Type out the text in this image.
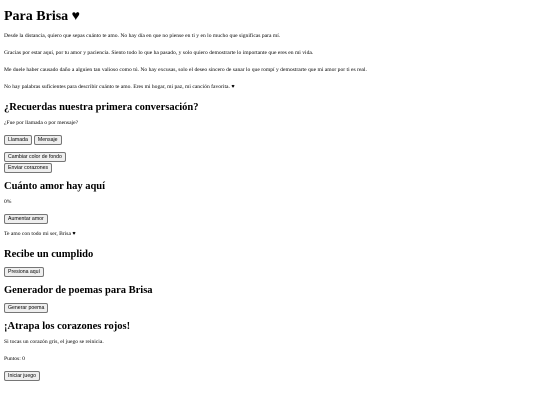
Para Brisa ♥

Desde la distancia, quiero que sepas cuánto te amo. No hay día en que no piense en ti y en lo mucho que significas para mí.

Gracias por estar aquí, por tu amor y paciencia. Siento todo lo que ha pasado, y solo quiero demostrarte lo importante que eres en mi vida.

Me duele haber causado daño a alguien tan valioso como tú. No hay excusas, solo el deseo sincero de sanar lo que rompí y demostrarte que mi amor por ti es real.

No hay palabras suficientes para describir cuánto te amo. Eres mi hogar, mi paz, mi canción favorita. ♥

¿Recuerdas nuestra primera conversación?

¿Fue por llamada o por mensaje?

Llamada	Mensaje
Cambiar color de fondo
Enviar corazones
Cuánto amor hay aquí

0%

Aumentar amor

Te amo con todo mi ser, Brisa ♥

Recibe un cumplido
Presiona aquí
Generador de poemas para Brisa
Generar poema
¡Atrapa los corazones rojos!

Si tocas un corazón gris, el juego se reinicia.

Puntos: 0

Iniciar juego
